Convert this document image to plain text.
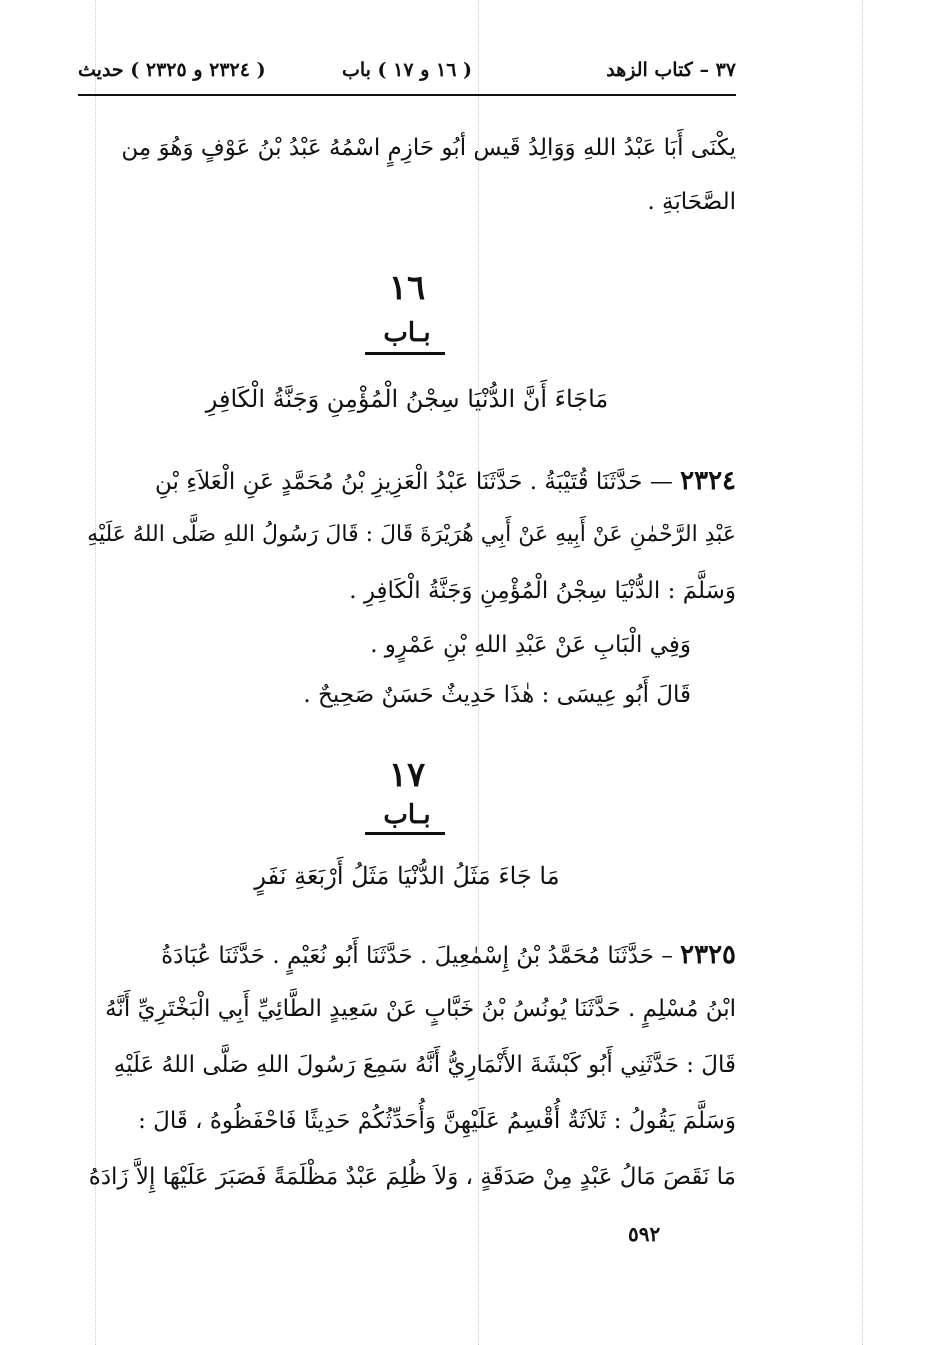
٣٧ – كتاب الزهد
( ١٦ و ١٧ ) باب
( ٢٣٢٤ و ٢٣٢٥ ) حديث
يكْنَى أَبَا عَبْدُ اللهِ وَوَالِدُ قَيس أبُو حَازِمٍ اسْمُهُ عَبْدُ بْنُ عَوْفٍ وَهُوَ مِن
الصَّحَابَةِ .
١٦
بـاب
مَاجَاءَ أَنَّ الدُّنْيَا سِجْنُ الْمُؤْمِنِ وَجَنَّةُ الْكَافِرِ
٢٣٢٤ — حَدَّثَنَا قُتَيْبَةُ . حَدَّثَنَا عَبْدُ الْعَزِيزِ بْنُ مُحَمَّدٍ عَنِ الْعَلاَءِ بْنِ
عَبْدِ الرَّحْمٰنِ عَنْ أَبِيهِ عَنْ أَبِي هُرَيْرَةَ قَالَ : قَالَ رَسُولُ اللهِ صَلَّى اللهُ عَلَيْهِ
وَسَلَّمَ : الدُّنْيَا سِجْنُ الْمُؤْمِنِ وَجَنَّةُ الْكَافِرِ .
وَفِي الْبَابِ عَنْ عَبْدِ اللهِ بْنِ عَمْرٍو .
قَالَ أَبُو عِيسَى : هٰذَا حَدِيثٌ حَسَنٌ صَحِيحٌ .
١٧
بـاب
مَا جَاءَ مَثَلُ الدُّنْيَا مَثَلُ أَرْبَعَةِ نَفَرٍ
٢٣٢٥ – حَدَّثَنَا مُحَمَّدُ بْنُ إِسْمٰعِيلَ . حَدَّثَنَا أَبُو نُعَيْمٍ . حَدَّثَنَا عُبَادَةُ
ابْنُ مُسْلِمٍ . حَدَّثَنَا يُونُسُ بْنُ خَبَّابٍ عَنْ سَعِيدٍ الطَّائِيِّ أَبِي الْبَخْتَرِيِّ أَنَّهُ
قَالَ : حَدَّثَنِي أَبُو كَبْشَةَ الأَنْمَارِيُّ أَنَّهُ سَمِعَ رَسُولَ اللهِ صَلَّى اللهُ عَلَيْهِ
وَسَلَّمَ يَقُولُ : ثَلاَثَةٌ أُقْسِمُ عَلَيْهِنَّ وَأُحَدِّثُكُمْ حَدِيثًا فَاحْفَظُوهُ ، قَالَ :
مَا نَقَصَ مَالُ عَبْدٍ مِنْ صَدَقَةٍ ، وَلاَ ظُلِمَ عَبْدٌ مَظْلَمَةً فَصَبَرَ عَلَيْهَا إِلاَّ زَادَهُ
٥٩٢
